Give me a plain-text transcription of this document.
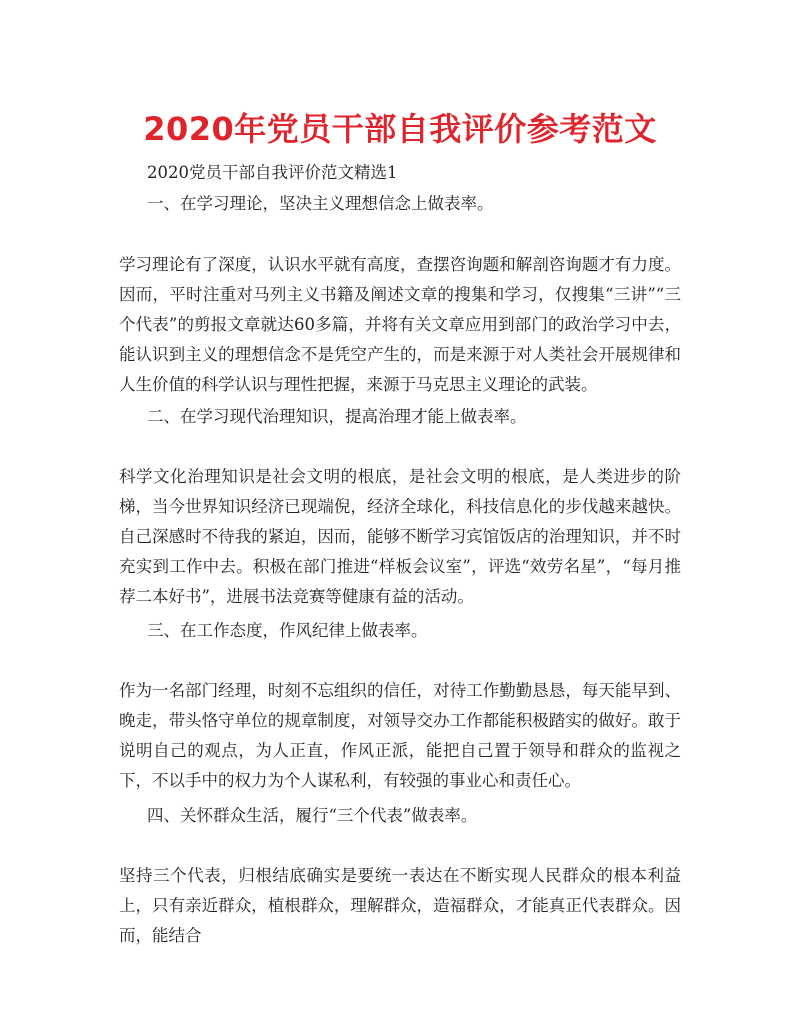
2020年党员干部自我评价参考范文

2020党员干部自我评价范文精选1

一、在学习理论，坚决主义理想信念上做表率。

学习理论有了深度，认识水平就有高度，查摆咨询题和解剖咨询题才有力度。因而，平时注重对马列主义书籍及阐述文章的搜集和学习，仅搜集“三讲”“三个代表”的剪报文章就达60多篇，并将有关文章应用到部门的政治学习中去，能认识到主义的理想信念不是凭空产生的，而是来源于对人类社会开展规律和人生价值的科学认识与理性把握，来源于马克思主义理论的武装。

二、在学习现代治理知识，提高治理才能上做表率。

科学文化治理知识是社会文明的根底，是社会文明的根底，是人类进步的阶梯，当今世界知识经济已现端倪，经济全球化，科技信息化的步伐越来越快。自己深感时不待我的紧迫，因而，能够不断学习宾馆饭店的治理知识，并不时充实到工作中去。积极在部门推进“样板会议室”，评选“效劳名星”，“每月推荐二本好书”，进展书法竞赛等健康有益的活动。

三、在工作态度，作风纪律上做表率。

作为一名部门经理，时刻不忘组织的信任，对待工作勤勤恳恳，每天能早到、晚走，带头恪守单位的规章制度，对领导交办工作都能积极踏实的做好。敢于说明自己的观点，为人正直，作风正派，能把自己置于领导和群众的监视之下，不以手中的权力为个人谋私利，有较强的事业心和责任心。

四、关怀群众生活，履行“三个代表”做表率。

坚持三个代表，归根结底确实是要统一表达在不断实现人民群众的根本利益上，只有亲近群众，植根群众，理解群众，造福群众，才能真正代表群众。因而，能结合
